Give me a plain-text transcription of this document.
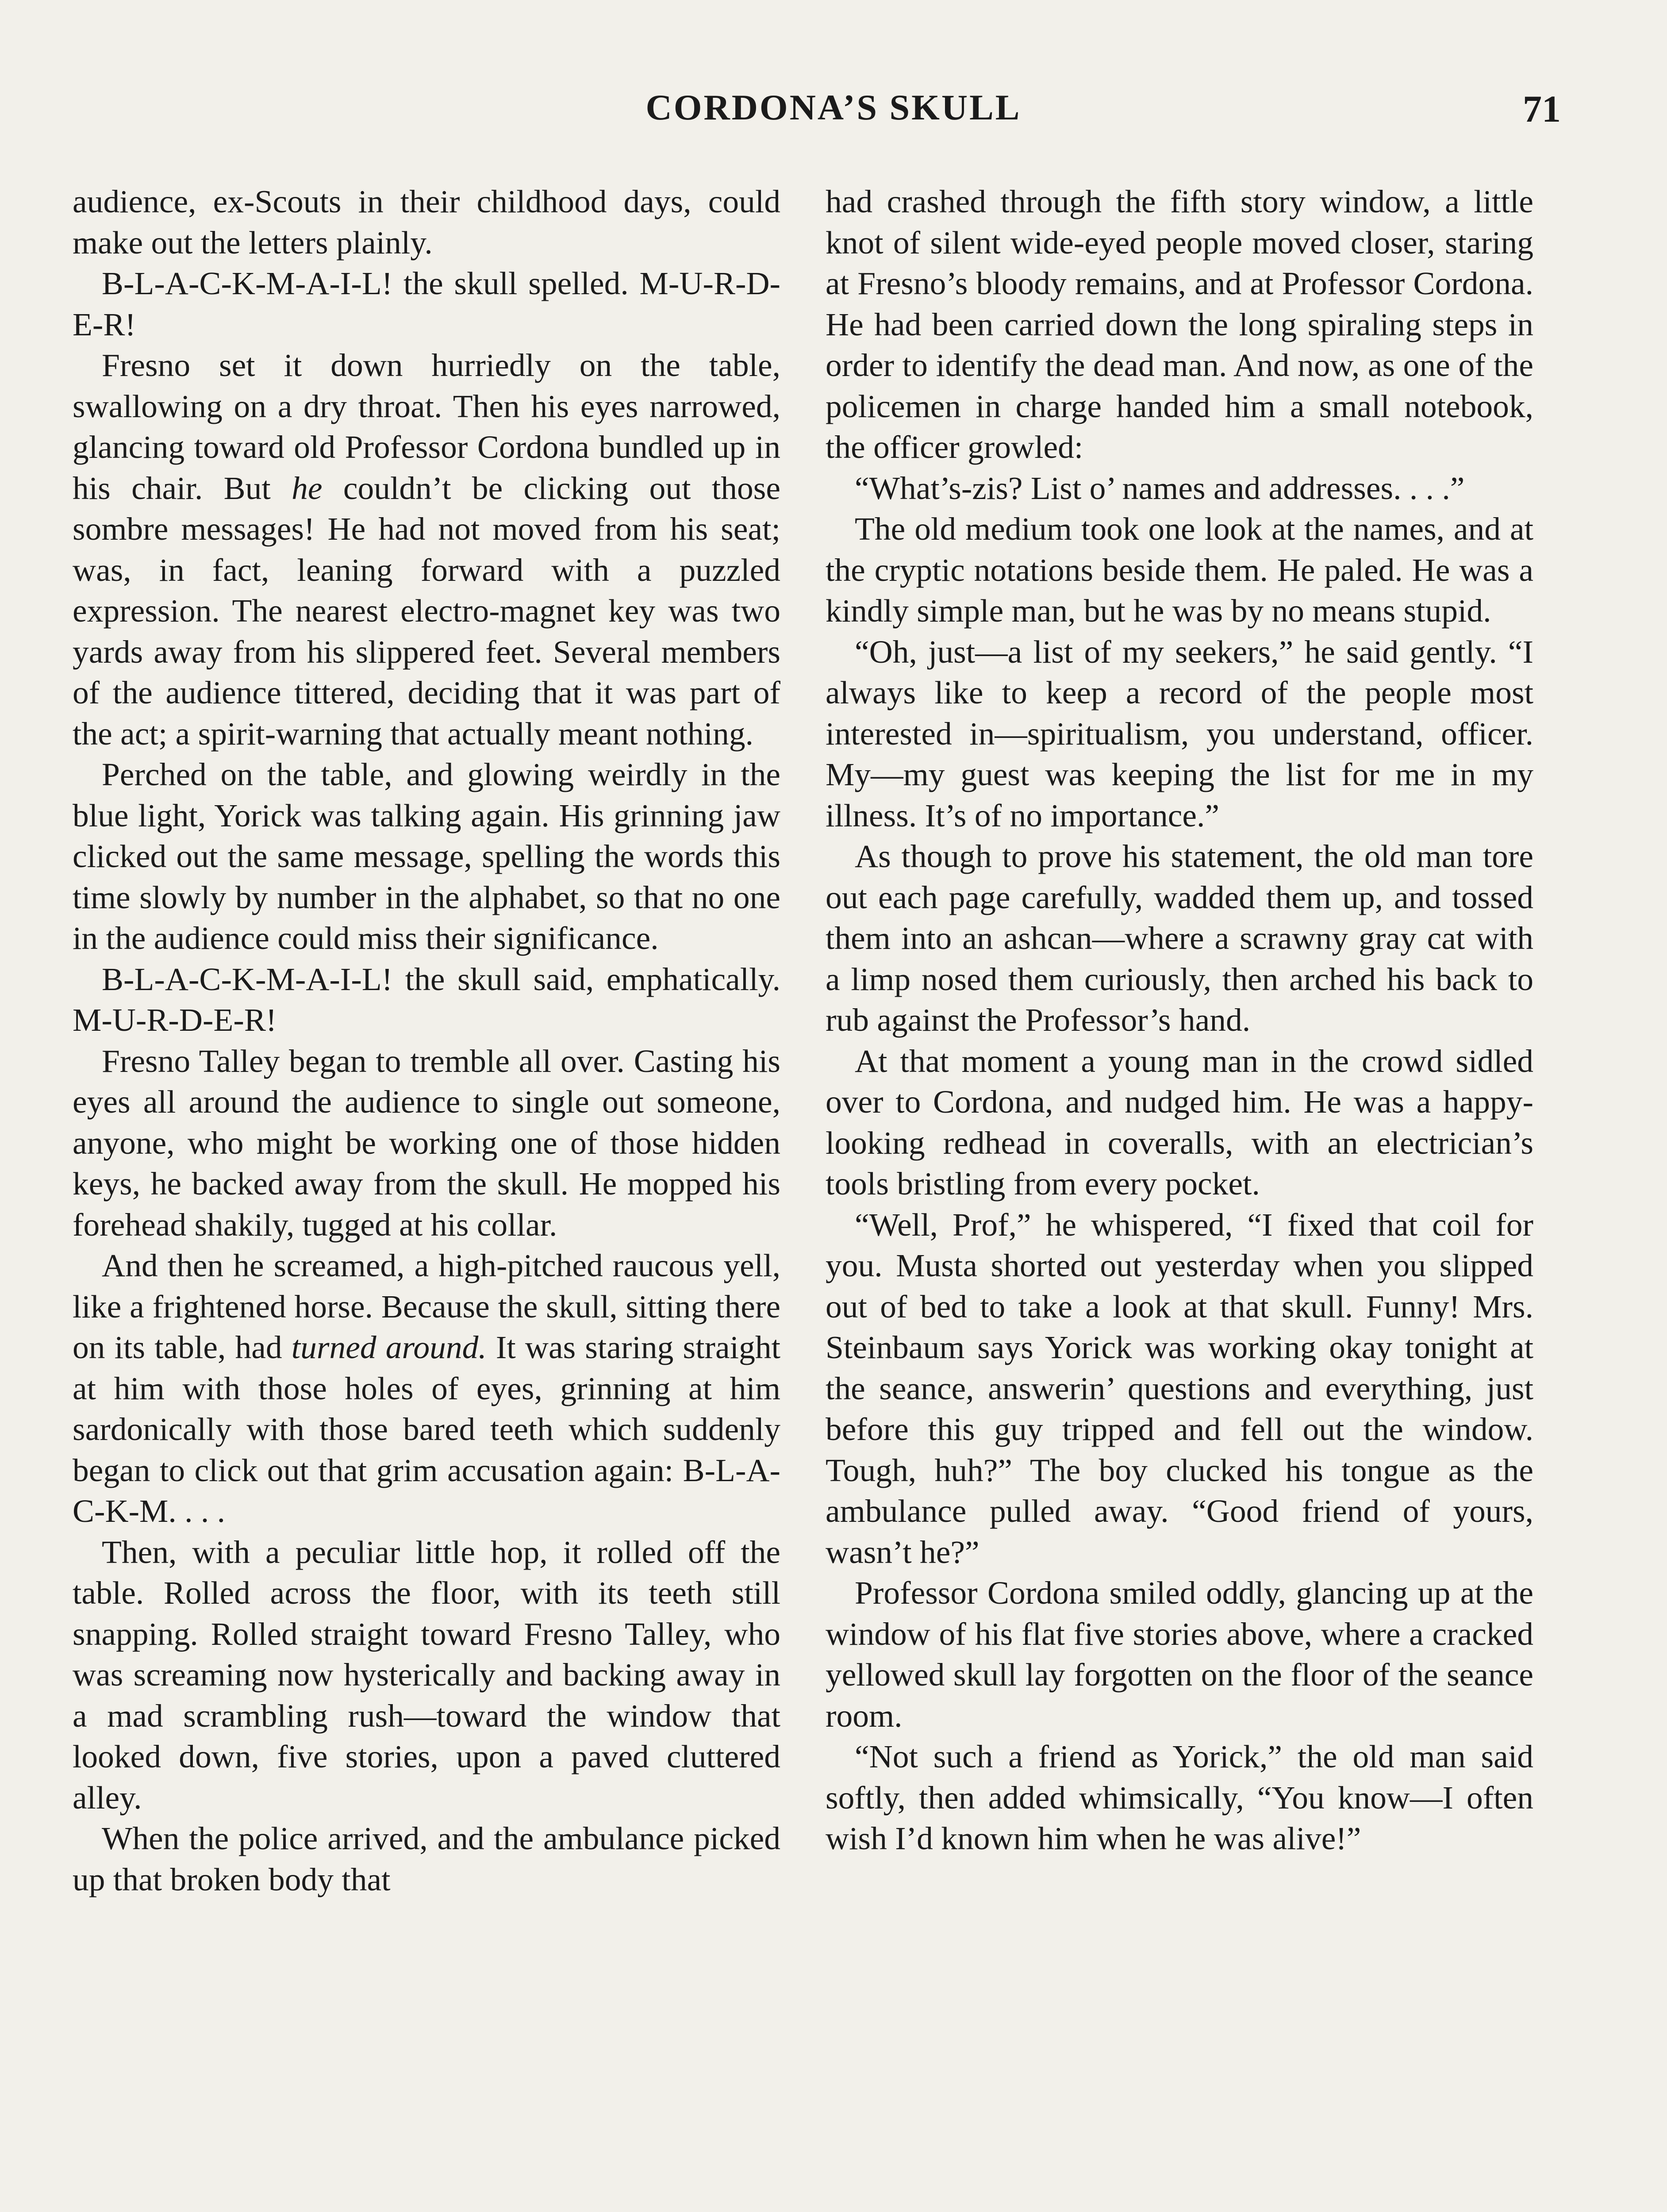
CORDONA’S SKULL	71

audience, ex-Scouts in their childhood days, could make out the letters plainly.

B-L-A-C-K-M-A-I-L! the skull spelled. M-U-R-D-E-R!

Fresno set it down hurriedly on the table, swallowing on a dry throat. Then his eyes narrowed, glancing toward old Professor Cordona bundled up in his chair. But he couldn’t be clicking out those sombre messages! He had not moved from his seat; was, in fact, leaning forward with a puzzled expression. The nearest electro-magnet key was two yards away from his slippered feet. Several members of the audience tittered, deciding that it was part of the act; a spirit-warning that actually meant nothing.

Perched on the table, and glowing weirdly in the blue light, Yorick was talking again. His grinning jaw clicked out the same message, spelling the words this time slowly by number in the alphabet, so that no one in the audience could miss their significance.

B-L-A-C-K-M-A-I-L! the skull said, emphatically. M-U-R-D-E-R!

Fresno Talley began to tremble all over. Casting his eyes all around the audience to single out someone, anyone, who might be working one of those hidden keys, he backed away from the skull. He mopped his forehead shakily, tugged at his collar.

And then he screamed, a high-pitched raucous yell, like a frightened horse. Because the skull, sitting there on its table, had turned around. It was staring straight at him with those holes of eyes, grinning at him sardonically with those bared teeth which suddenly began to click out that grim accusation again: B-L-A-C-K-M. . . .

Then, with a peculiar little hop, it rolled off the table. Rolled across the floor, with its teeth still snapping. Rolled straight toward Fresno Talley, who was screaming now hysterically and backing away in a mad scrambling rush—toward the window that looked down, five stories, upon a paved cluttered alley.

When the police arrived, and the ambulance picked up that broken body that

had crashed through the fifth story window, a little knot of silent wide-eyed people moved closer, staring at Fresno’s bloody remains, and at Professor Cordona. He had been carried down the long spiraling steps in order to identify the dead man. And now, as one of the policemen in charge handed him a small notebook, the officer growled:

“What’s-zis? List o’ names and addresses. . . .”

The old medium took one look at the names, and at the cryptic notations beside them. He paled. He was a kindly simple man, but he was by no means stupid.

“Oh, just—a list of my seekers,” he said gently. “I always like to keep a record of the people most interested in—spiritualism, you understand, officer. My—my guest was keeping the list for me in my illness. It’s of no importance.”

As though to prove his statement, the old man tore out each page carefully, wadded them up, and tossed them into an ashcan—where a scrawny gray cat with a limp nosed them curiously, then arched his back to rub against the Professor’s hand.

At that moment a young man in the crowd sidled over to Cordona, and nudged him. He was a happy-looking redhead in coveralls, with an electrician’s tools bristling from every pocket.

“Well, Prof,” he whispered, “I fixed that coil for you. Musta shorted out yesterday when you slipped out of bed to take a look at that skull. Funny! Mrs. Steinbaum says Yorick was working okay tonight at the seance, answerin’ questions and everything, just before this guy tripped and fell out the window. Tough, huh?” The boy clucked his tongue as the ambulance pulled away. “Good friend of yours, wasn’t he?”

Professor Cordona smiled oddly, glancing up at the window of his flat five stories above, where a cracked yellowed skull lay forgotten on the floor of the seance room.

“Not such a friend as Yorick,” the old man said softly, then added whimsically, “You know—I often wish I’d known him when he was alive!”
